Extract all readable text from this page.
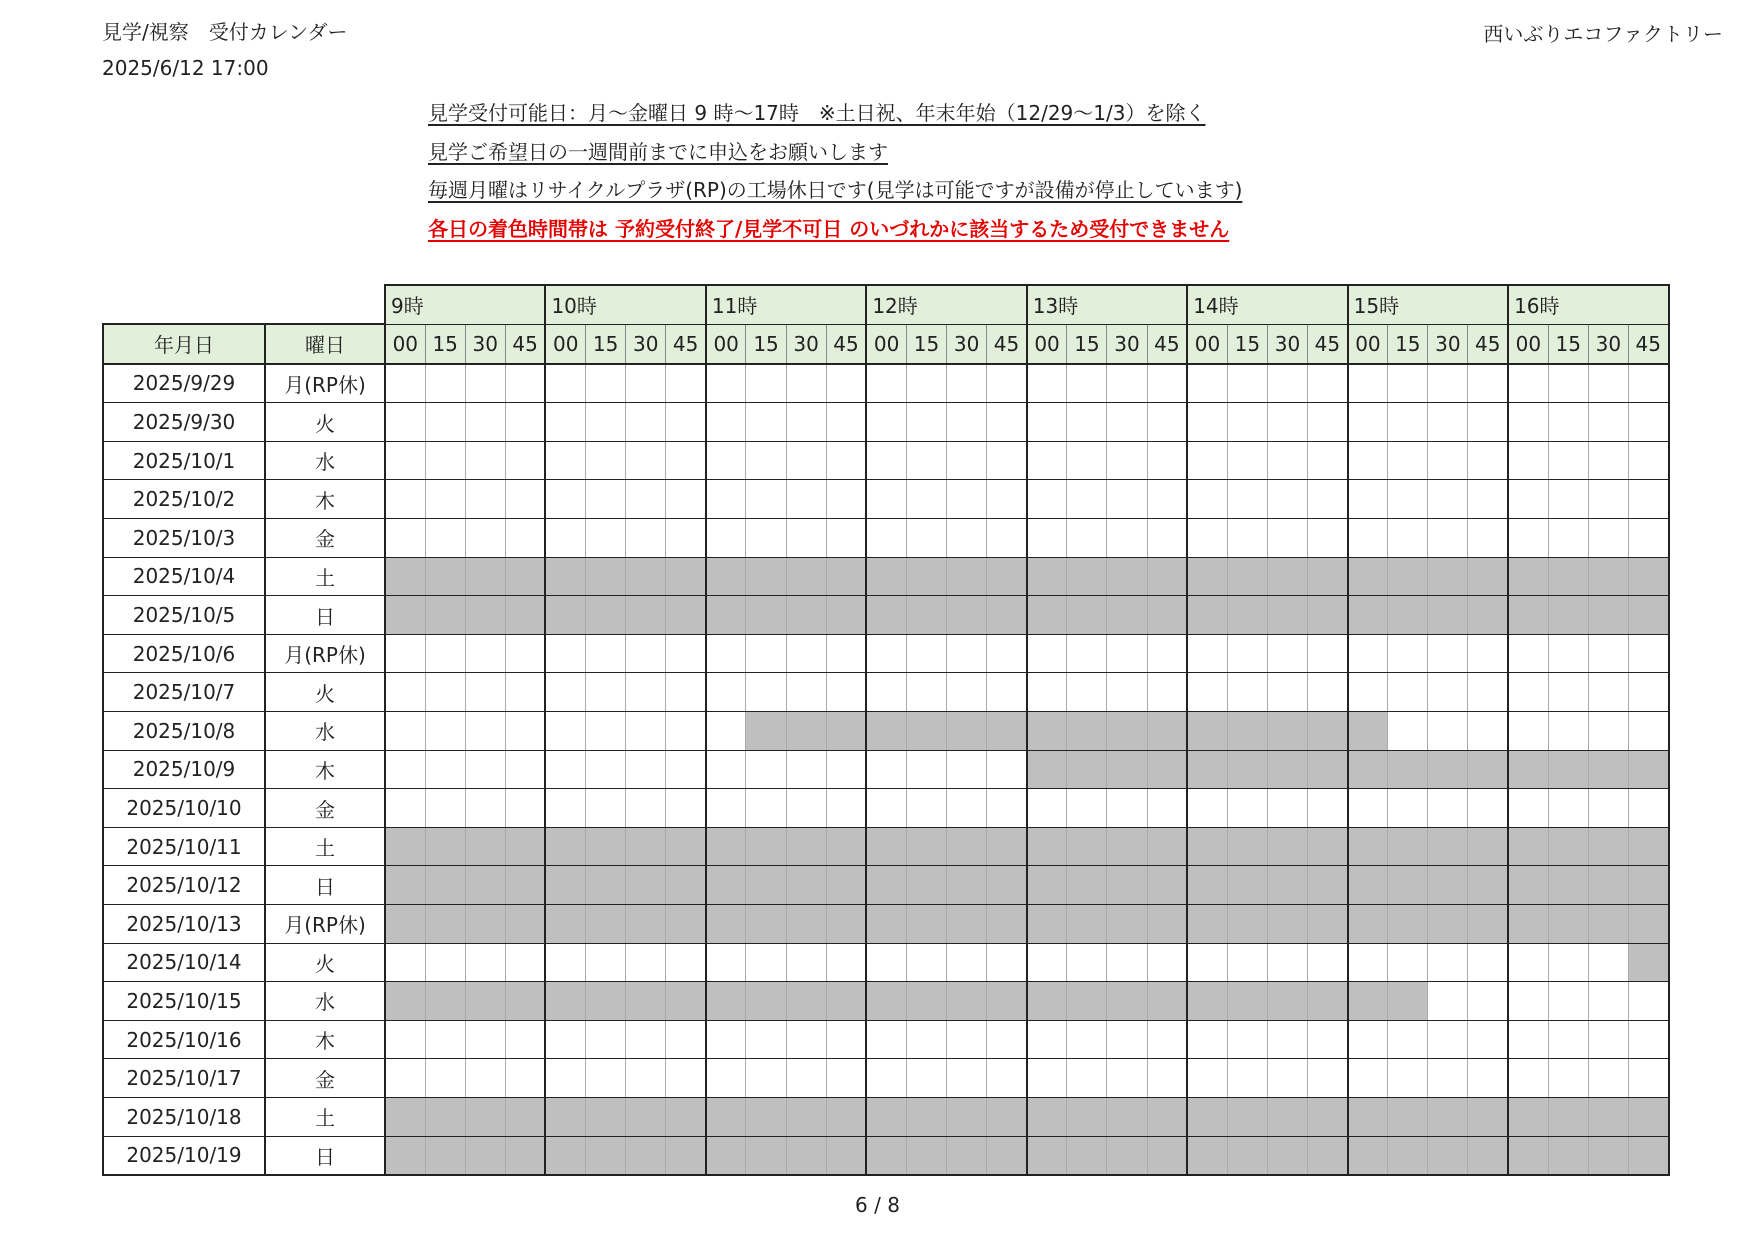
見学/視察　受付カレンダー
2025/6/12 17:00
西いぶりエコファクトリー
見学受付可能日：月～金曜日 9 時～17時　※土日祝、年末年始（12/29～1/3）を除く
見学ご希望日の一週間前までに申込をお願いします
毎週月曜はリサイクルプラザ(RP)の工場休日です(見学は可能ですが設備が停止しています)
各日の着色時間帯は 予約受付終了/見学不可日 のいづれかに該当するため受付できません
		9時				10時				11時				12時				13時				14時				15時				16時			
年月日	曜日	00	15	30	45	00	15	30	45	00	15	30	45	00	15	30	45	00	15	30	45	00	15	30	45	00	15	30	45	00	15	30	45
2025/9/29	月(RP休)																																
2025/9/30	火																																
2025/10/1	水																																
2025/10/2	木																																
2025/10/3	金																																
2025/10/4	土																																
2025/10/5	日																																
2025/10/6	月(RP休)																																
2025/10/7	火																																
2025/10/8	水																																
2025/10/9	木																																
2025/10/10	金																																
2025/10/11	土																																
2025/10/12	日																																
2025/10/13	月(RP休)																																
2025/10/14	火																																
2025/10/15	水																																
2025/10/16	木																																
2025/10/17	金																																
2025/10/18	土																																
2025/10/19	日																																
6 / 8
